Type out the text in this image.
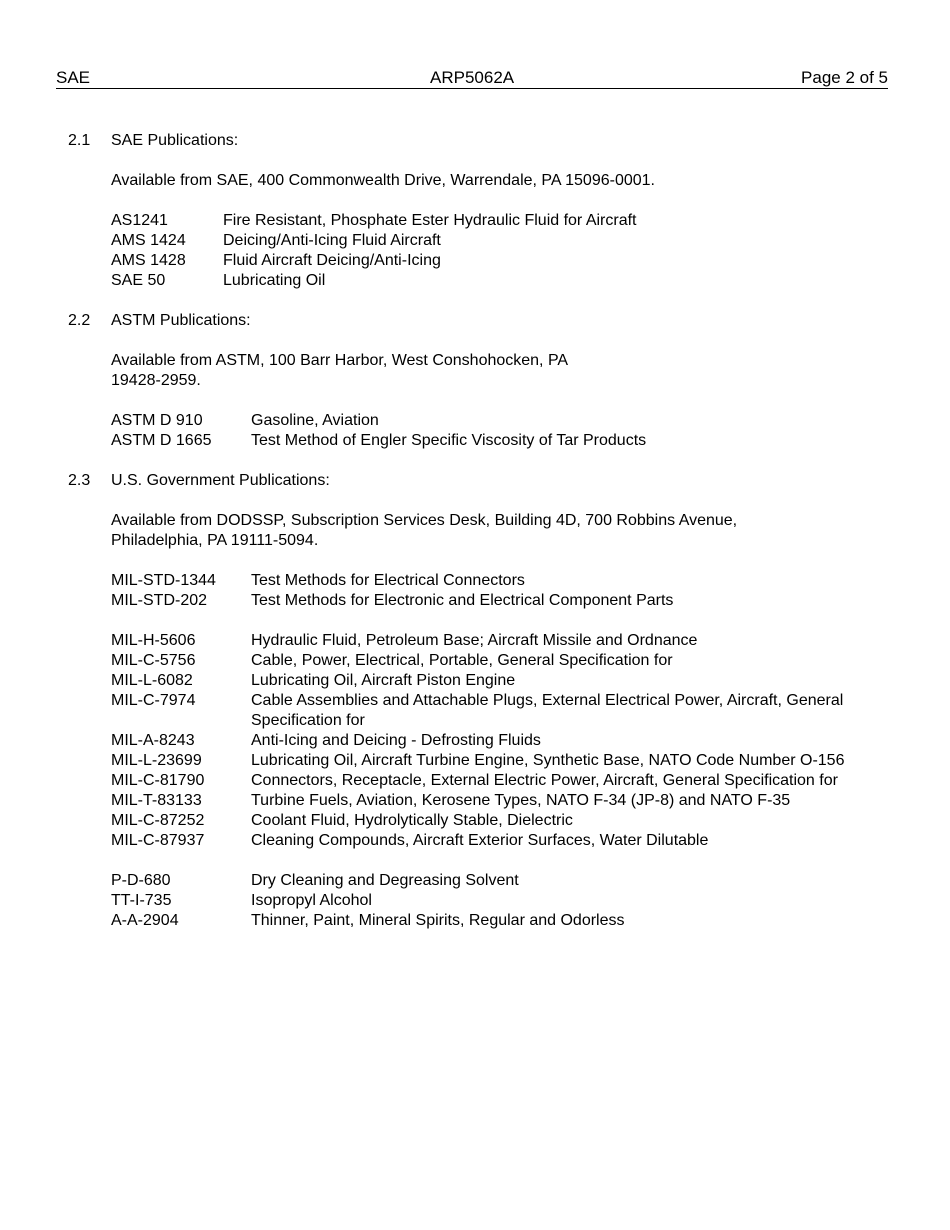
SAE	ARP5062A	Page 2 of 5
2.1	SAE Publications:
Available from SAE, 400 Commonwealth Drive, Warrendale, PA 15096-0001.
AS1241	Fire Resistant, Phosphate Ester Hydraulic Fluid for Aircraft
AMS 1424	Deicing/Anti-Icing Fluid Aircraft
AMS 1428	Fluid Aircraft Deicing/Anti-Icing
SAE 50	Lubricating Oil
2.2	ASTM Publications:
Available from ASTM, 100 Barr Harbor, West Conshohocken, PA 19428-2959.
ASTM D 910	Gasoline, Aviation
ASTM D 1665	Test Method of Engler Specific Viscosity of Tar Products
2.3	U.S. Government Publications:
Available from DODSSP, Subscription Services Desk, Building 4D, 700 Robbins Avenue, Philadelphia, PA 19111-5094.
MIL-STD-1344	Test Methods for Electrical Connectors
MIL-STD-202	Test Methods for Electronic and Electrical Component Parts
MIL-H-5606	Hydraulic Fluid, Petroleum Base; Aircraft Missile and Ordnance
MIL-C-5756	Cable, Power, Electrical, Portable, General Specification for
MIL-L-6082	Lubricating Oil, Aircraft Piston Engine
MIL-C-7974	Cable Assemblies and Attachable Plugs, External Electrical Power, Aircraft, General Specification for
MIL-A-8243	Anti-Icing and Deicing - Defrosting Fluids
MIL-L-23699	Lubricating Oil, Aircraft Turbine Engine, Synthetic Base, NATO Code Number O-156
MIL-C-81790	Connectors, Receptacle, External Electric Power, Aircraft, General Specification for
MIL-T-83133	Turbine Fuels, Aviation, Kerosene Types, NATO F-34 (JP-8) and NATO F-35
MIL-C-87252	Coolant Fluid, Hydrolytically Stable, Dielectric
MIL-C-87937	Cleaning Compounds, Aircraft Exterior Surfaces, Water Dilutable
P-D-680	Dry Cleaning and Degreasing Solvent
TT-I-735	Isopropyl Alcohol
A-A-2904	Thinner, Paint, Mineral Spirits, Regular and Odorless
